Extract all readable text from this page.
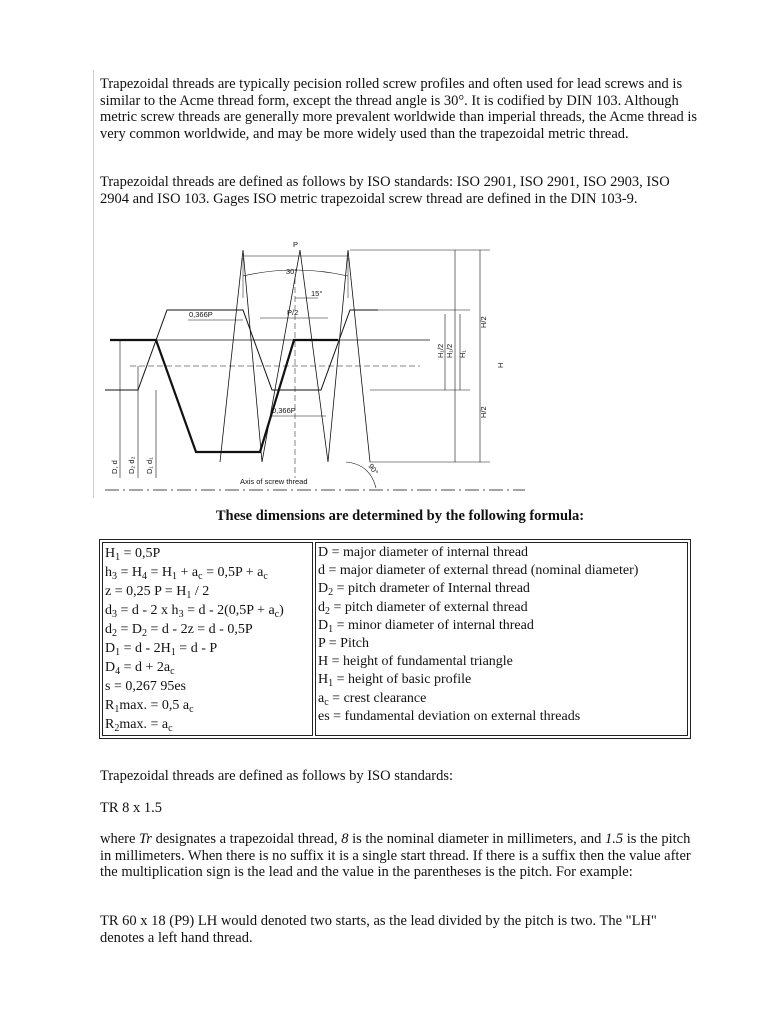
Trapezoidal threads are typically pecision rolled screw profiles and often used for lead screws and is similar to the Acme thread form, except the thread angle is 30°. It is codified by DIN 103. Although metric screw threads are generally more prevalent worldwide than imperial threads, the Acme thread is very common worldwide, and may be more widely used than the trapezoidal metric thread.

Trapezoidal threads are defined as follows by ISO standards: ISO 2901, ISO 2901, ISO 2903, ISO 2904 and ISO 103. Gages ISO metric trapezoidal screw thread are defined in the DIN 103-9.

P
30°
15°
P/2
0,366P
0,366P
H/2
H/2
H₁/2 H₁/2 H₁
H
90°
Axis of screw thread
D, d D₂ d₂ D₁ d₁

These dimensions are determined by the following formula:

$H_1 = 0,5P$
$h_3 = H_4 = H_1 + a_c = 0,5P + a_c$
z = 0,25 $P = H_1 / 2$
$d_3 = d - 2$ x $h_3 = d - 2(0,5P + a_c)$
$d_2 = D_2 = d - 2z = d - 0,5P$
$D_1 = d - 2H_1 = d - P$
$D_4 = d + 2a_c$
s = 0,267 95es
$R_1\max$. = 0,5 $a_c$
$R_2\max$. = $a_c$

D = major diameter of internal thread
d = major diameter of external thread (nominal diameter)
$D_2$ = pitch drameter of Internal thread
$d_2$ = pitch diameter of external thread
$D_1$ = minor diameter of internal thread
P = Pitch
H = height of fundamental triangle
$H_1$ = height of basic profile
$a_c$ = crest clearance
es = fundamental deviation on external threads

Trapezoidal threads are defined as follows by ISO standards:

TR 8 x 1.5

where Tr designates a trapezoidal thread, 8 is the nominal diameter in millimeters, and 1.5 is the pitch in millimeters. When there is no suffix it is a single start thread. If there is a suffix then the value after the multiplication sign is the lead and the value in the parentheses is the pitch. For example:

TR 60 x 18 (P9) LH would denoted two starts, as the lead divided by the pitch is two. The "LH" denotes a left hand thread.
